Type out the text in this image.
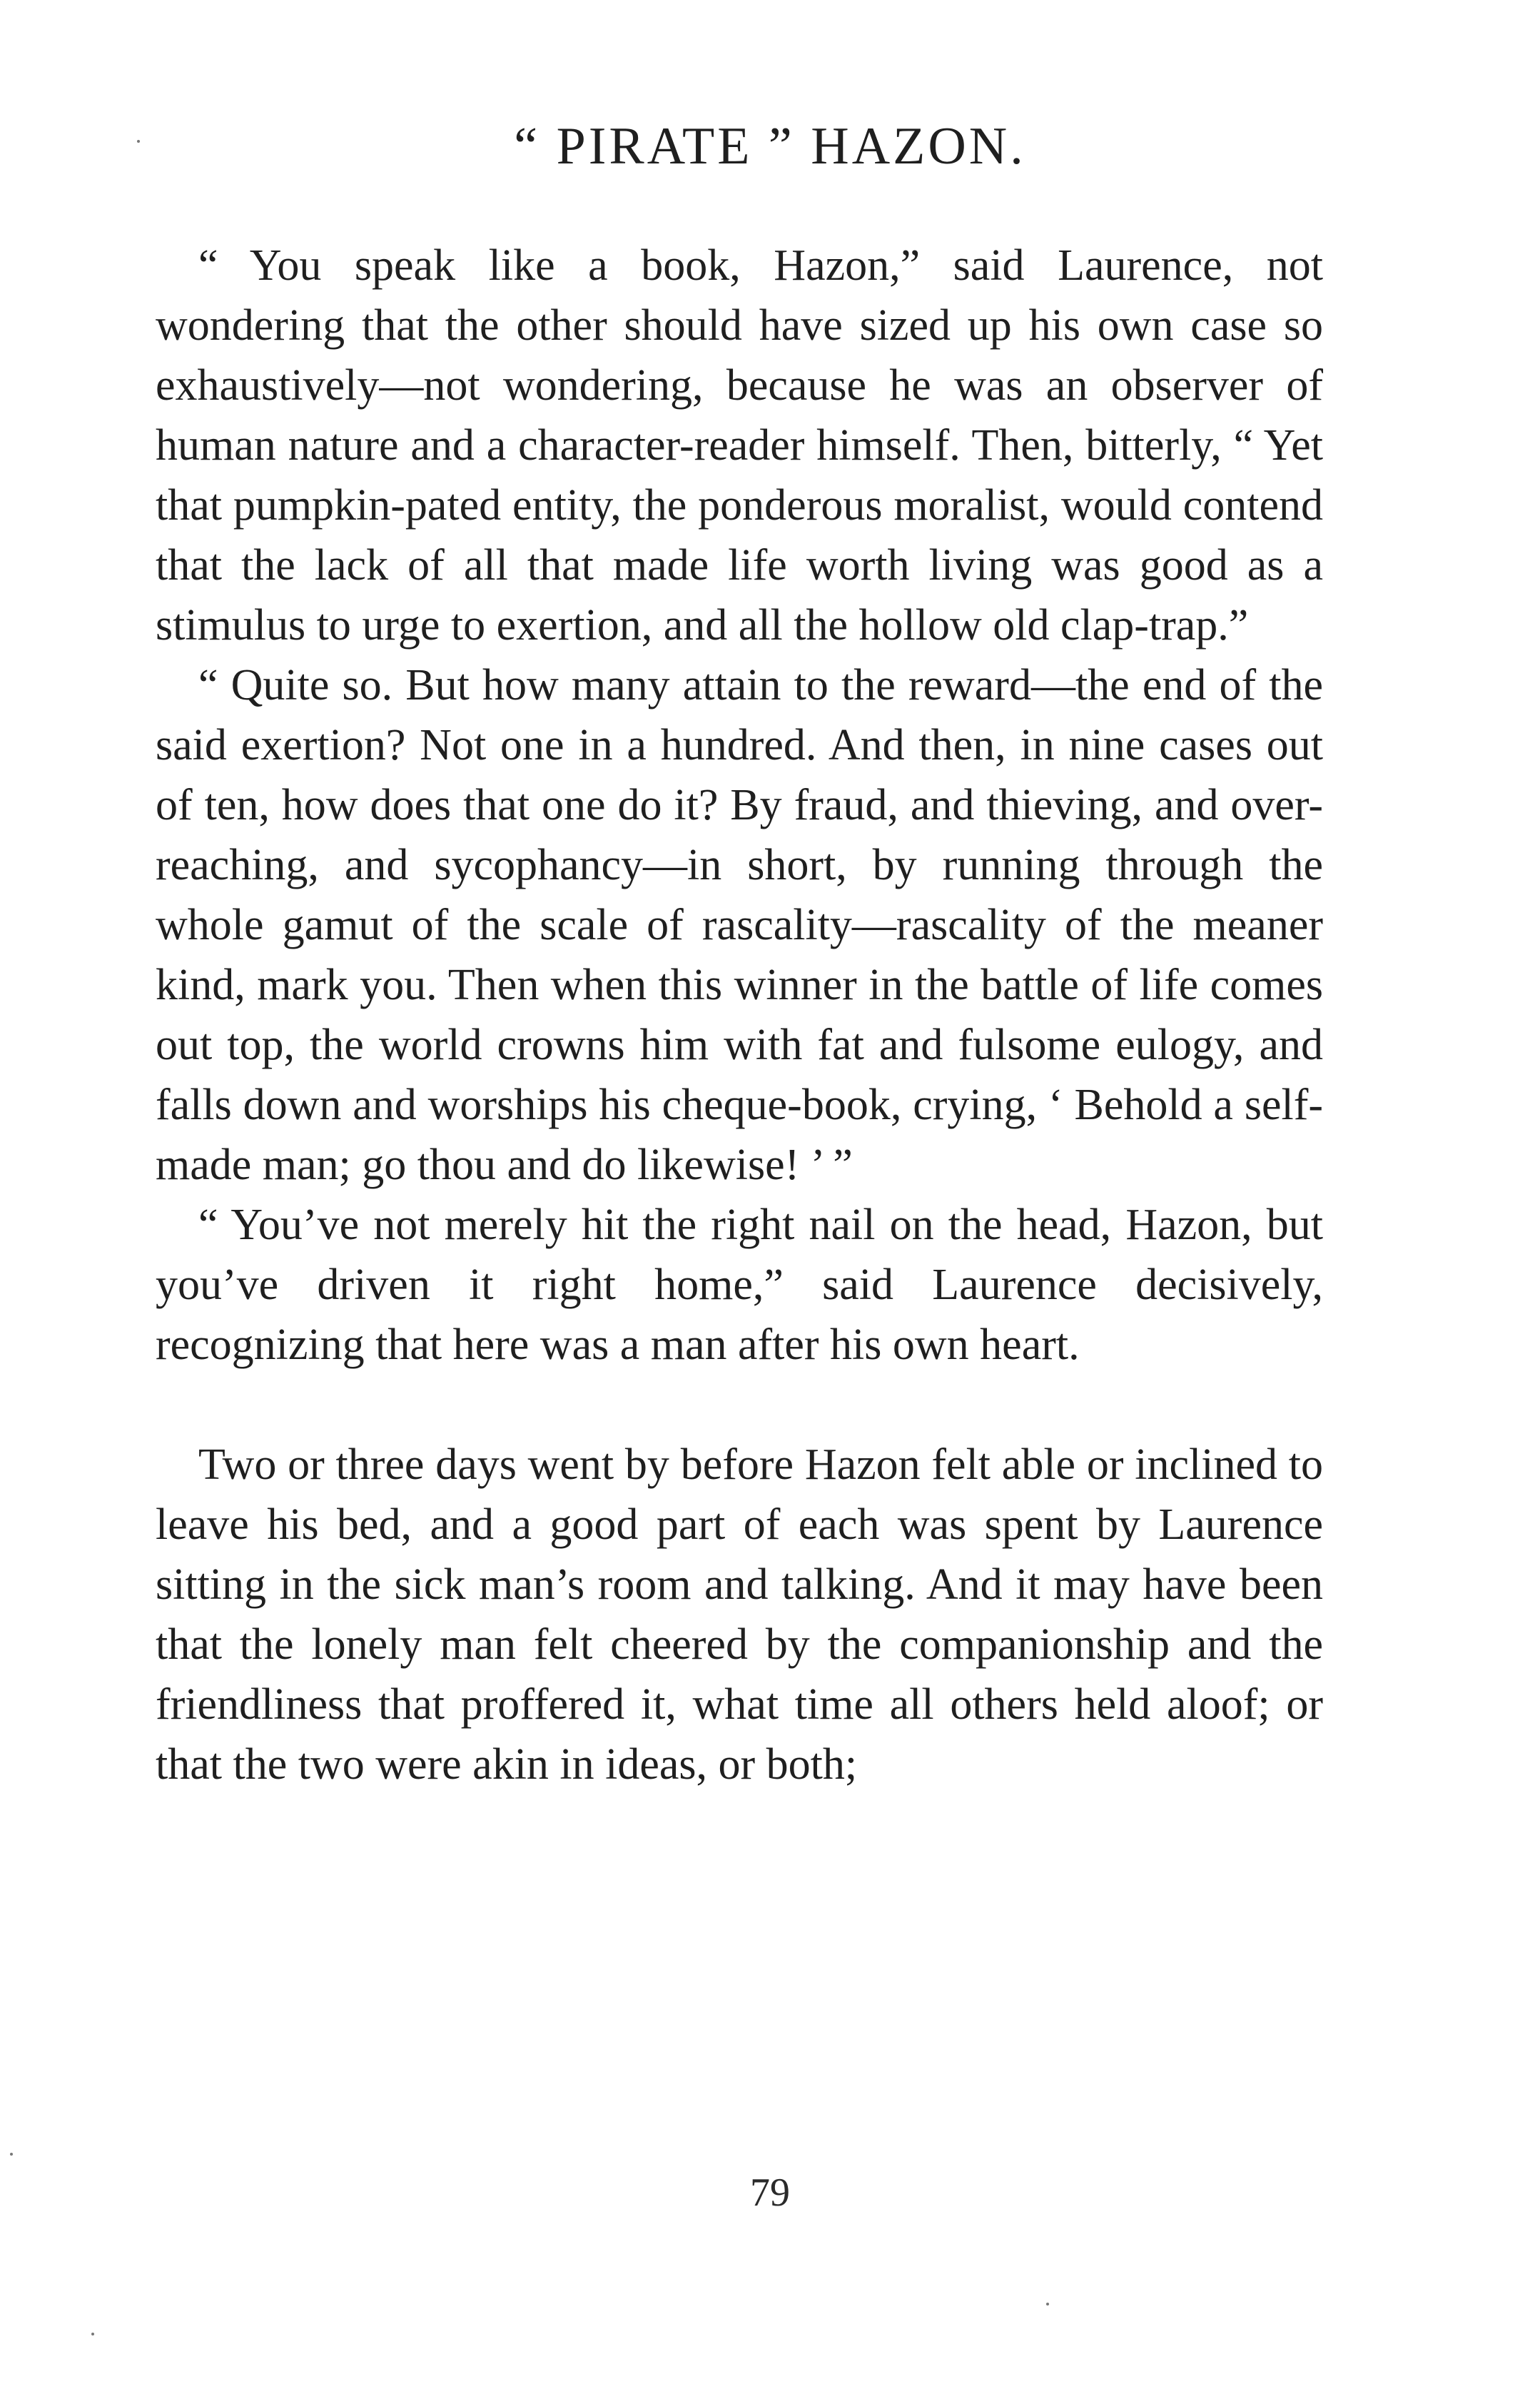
“ PIRATE ” HAZON.

“ You speak like a book, Hazon,” said Laurence, not wondering that the other should have sized up his own case so exhaustively—not wondering, because he was an observer of human nature and a character-reader himself. Then, bitterly, “ Yet that pumpkin-pated entity, the ponderous moralist, would contend that the lack of all that made life worth living was good as a stimulus to urge to exertion, and all the hollow old clap-trap.”

“ Quite so. But how many attain to the reward—the end of the said exertion? Not one in a hundred. And then, in nine cases out of ten, how does that one do it? By fraud, and thieving, and over-reaching, and sycophancy—in short, by running through the whole gamut of the scale of rascality—rascality of the meaner kind, mark you. Then when this winner in the battle of life comes out top, the world crowns him with fat and fulsome eulogy, and falls down and worships his cheque-book, crying, ‘ Behold a self-made man; go thou and do likewise! ’ ”

“ You’ve not merely hit the right nail on the head, Hazon, but you’ve driven it right home,” said Laurence decisively, recognizing that here was a man after his own heart.

Two or three days went by before Hazon felt able or inclined to leave his bed, and a good part of each was spent by Laurence sitting in the sick man’s room and talking. And it may have been that the lonely man felt cheered by the companionship and the friendliness that proffered it, what time all others held aloof; or that the two were akin in ideas, or both;

79
